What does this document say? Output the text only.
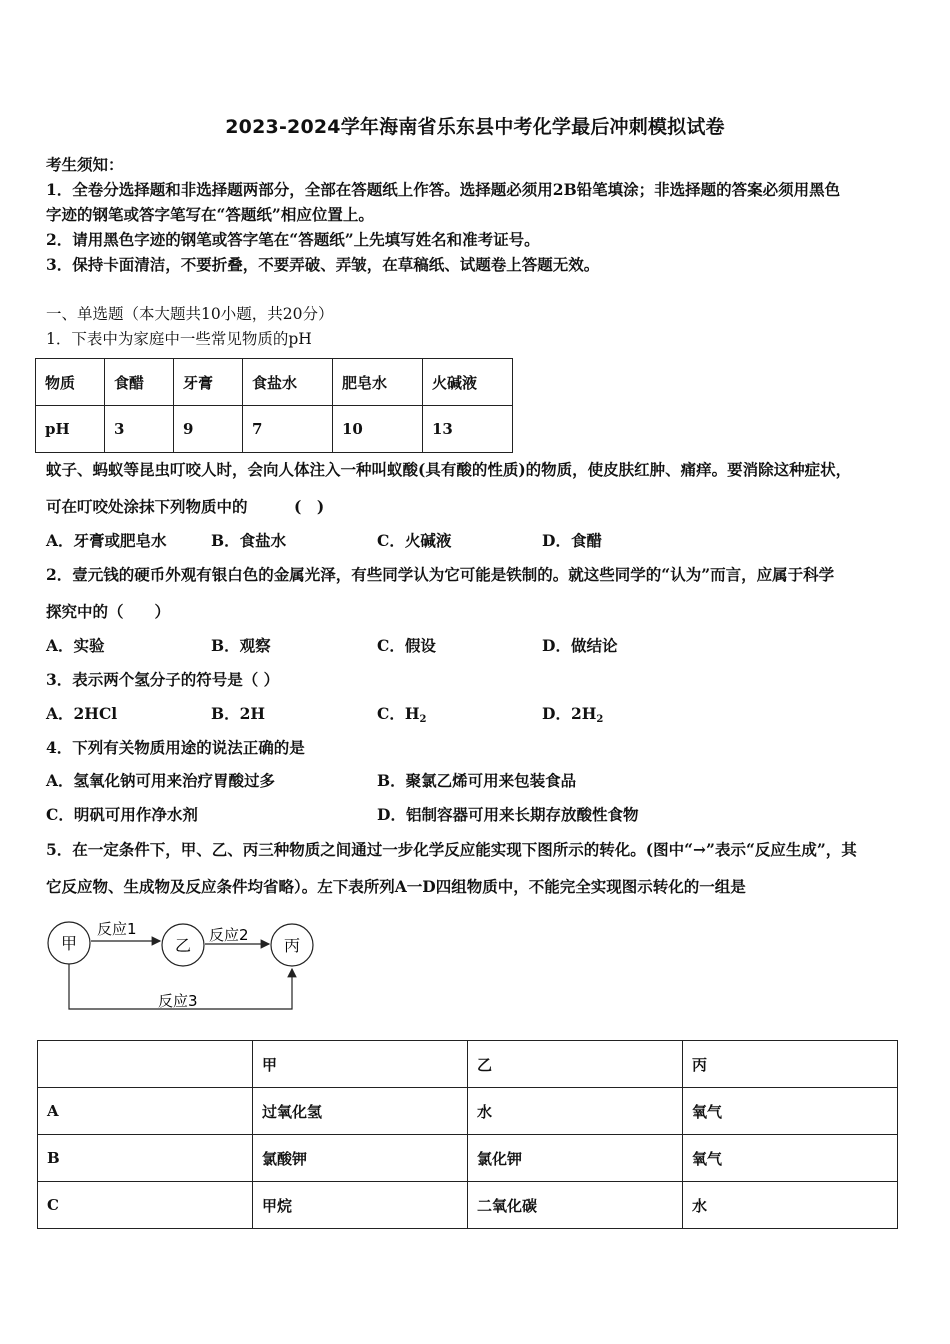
2023-2024学年海南省乐东县中考化学最后冲刺模拟试卷
考生须知：
1．全卷分选择题和非选择题两部分，全部在答题纸上作答。选择题必须用2B铅笔填涂；非选择题的答案必须用黑色
字迹的钢笔或答字笔写在“答题纸”相应位置上。
2．请用黑色字迹的钢笔或答字笔在“答题纸”上先填写姓名和准考证号。
3．保持卡面清洁，不要折叠，不要弄破、弄皱，在草稿纸、试题卷上答题无效。
一、单选题（本大题共10小题，共20分）
1．下表中为家庭中一些常见物质的pH
物质	食醋	牙膏	食盐水	肥皂水	火碱液
pH	3	9	7	10	13
蚊子、蚂蚁等昆虫叮咬人时，会向人体注入一种叫蚁酸(具有酸的性质)的物质，使皮肤红肿、痛痒。要消除这种症状，
可在叮咬处涂抹下列物质中的　　　(　)
A．牙膏或肥皂水	B．食盐水	C．火碱液	D．食醋
2．壹元钱的硬币外观有银白色的金属光泽，有些同学认为它可能是铁制的。就这些同学的“认为”而言，应属于科学
探究中的（　　）
A．实验	B．观察	C．假设	D．做结论
3．表示两个氢分子的符号是（ ）
A．2HCl	B．2H	C．$H_2$	D．$2H_2$
4．下列有关物质用途的说法正确的是
A．氢氧化钠可用来治疗胃酸过多	B．聚氯乙烯可用来包装食品
C．明矾可用作净水剂	D．铝制容器可用来长期存放酸性食物
5．在一定条件下，甲、乙、丙三种物质之间通过一步化学反应能实现下图所示的转化。(图中“→”表示“反应生成”，其
它反应物、生成物及反应条件均省略）。左下表所列A一D四组物质中，不能完全实现图示转化的一组是
甲	乙	丙
反应1	反应2
反应3
	甲	乙	丙
A	过氧化氢	水	氧气
B	氯酸钾	氯化钾	氧气
C	甲烷	二氧化碳	水
